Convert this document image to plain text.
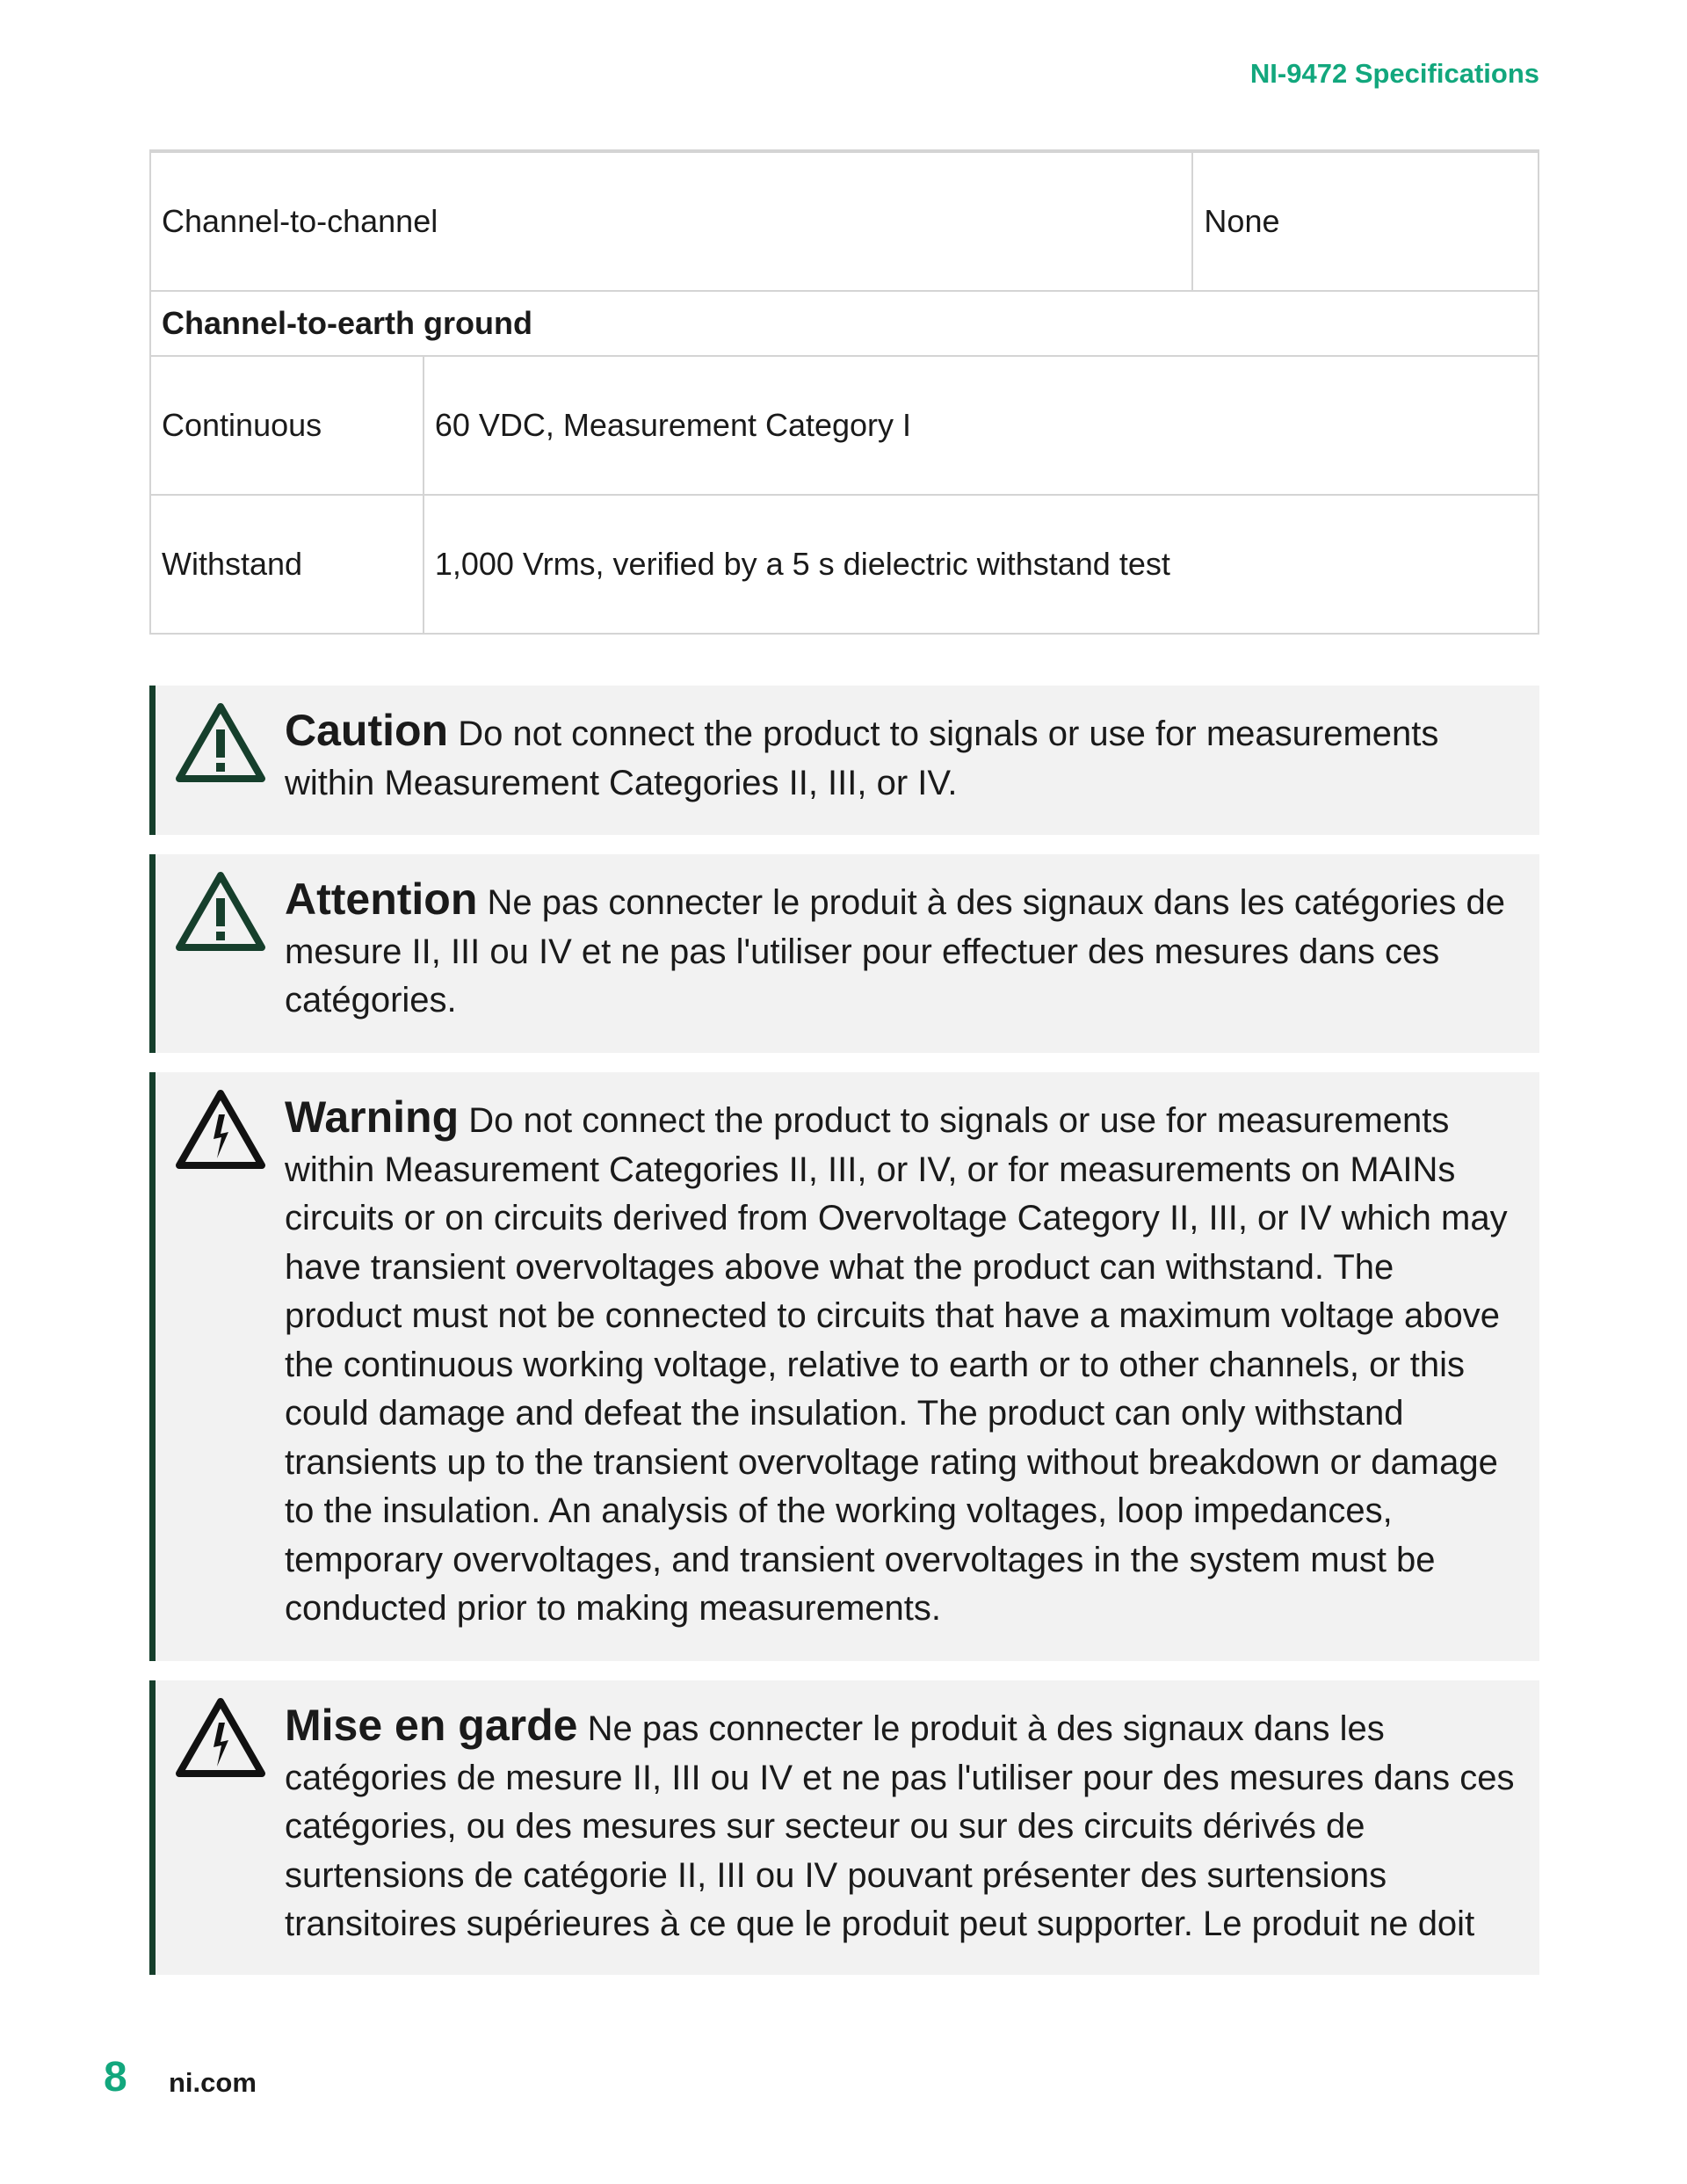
NI-9472 Specifications
Channel-to-channel		None
Channel-to-earth ground		
Continuous	60 VDC, Measurement Category I	
Withstand	1,000 Vrms, verified by a 5 s dielectric withstand test	
Caution Do not connect the product to signals or use for measurements within Measurement Categories II, III, or IV.
Attention Ne pas connecter le produit à des signaux dans les catégories de mesure II, III ou IV et ne pas l'utiliser pour effectuer des mesures dans ces catégories.
Warning Do not connect the product to signals or use for measurements within Measurement Categories II, III, or IV, or for measurements on MAINs circuits or on circuits derived from Overvoltage Category II, III, or IV which may have transient overvoltages above what the product can withstand. The product must not be connected to circuits that have a maximum voltage above the continuous working voltage, relative to earth or to other channels, or this could damage and defeat the insulation. The product can only withstand transients up to the transient overvoltage rating without breakdown or damage to the insulation. An analysis of the working voltages, loop impedances, temporary overvoltages, and transient overvoltages in the system must be conducted prior to making measurements.
Mise en garde Ne pas connecter le produit à des signaux dans les catégories de mesure II, III ou IV et ne pas l'utiliser pour des mesures dans ces catégories, ou des mesures sur secteur ou sur des circuits dérivés de surtensions de catégorie II, III ou IV pouvant présenter des surtensions transitoires supérieures à ce que le produit peut supporter. Le produit ne doit
8 ni.com
